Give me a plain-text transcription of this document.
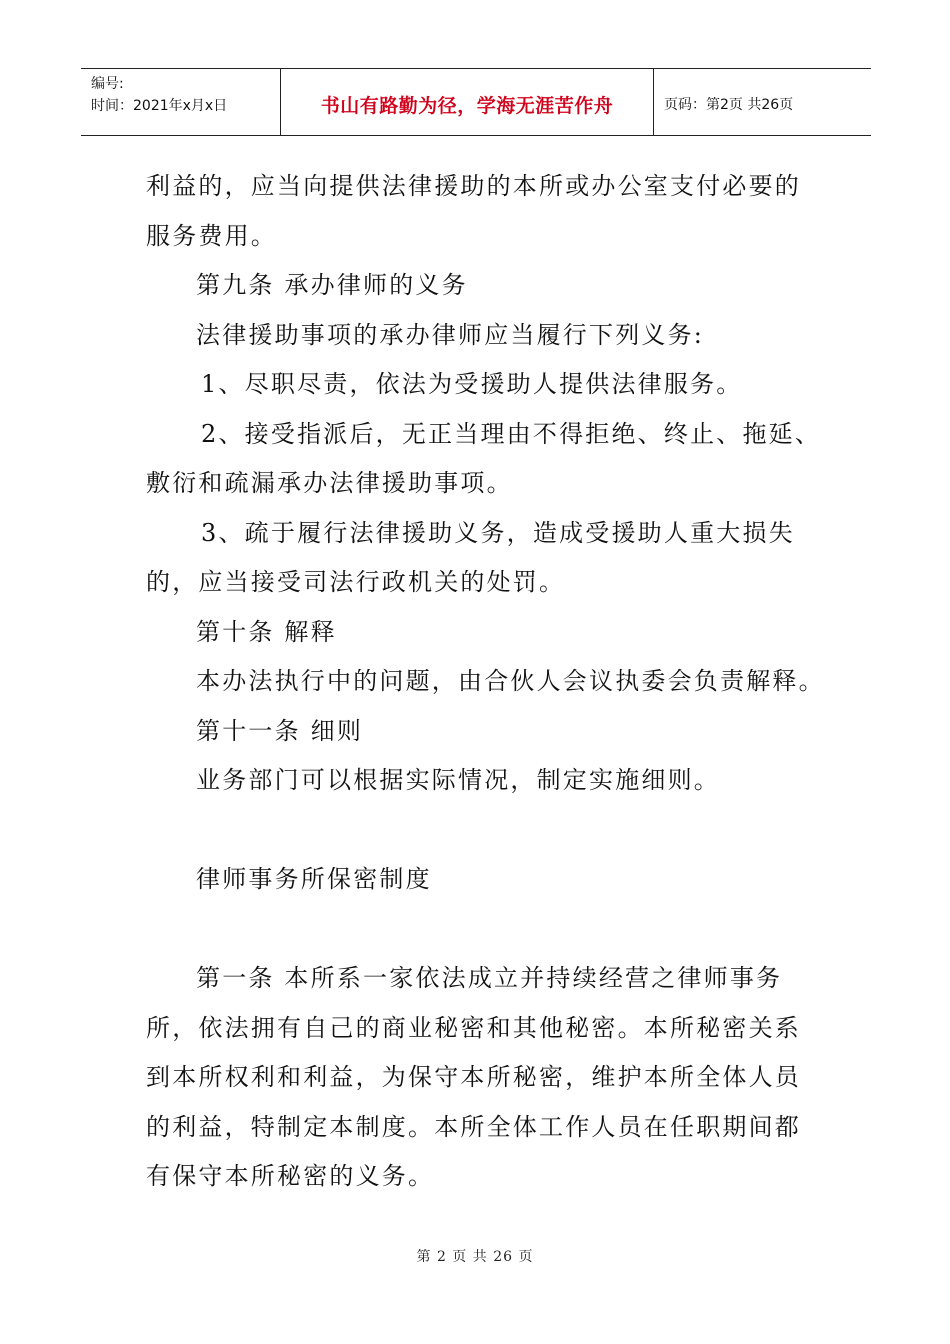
编号:
时间：2021年x月x日	书山有路勤为径，学海无涯苦作舟	页码：第2页 共26页

利益的，应当向提供法律援助的本所或办公室支付必要的

服务费用。

第九条 承办律师的义务

法律援助事项的承办律师应当履行下列义务:

1、尽职尽责，依法为受援助人提供法律服务。

2、接受指派后，无正当理由不得拒绝、终止、拖延、

敷衍和疏漏承办法律援助事项。

3、疏于履行法律援助义务，造成受援助人重大损失

的，应当接受司法行政机关的处罚。

第十条 解释

本办法执行中的问题，由合伙人会议执委会负责解释。

第十一条 细则

业务部门可以根据实际情况，制定实施细则。

律师事务所保密制度

第一条 本所系一家依法成立并持续经营之律师事务

所，依法拥有自己的商业秘密和其他秘密。本所秘密关系

到本所权利和利益，为保守本所秘密，维护本所全体人员

的利益，特制定本制度。本所全体工作人员在任职期间都

有保守本所秘密的义务。

第 2 页 共 26 页
